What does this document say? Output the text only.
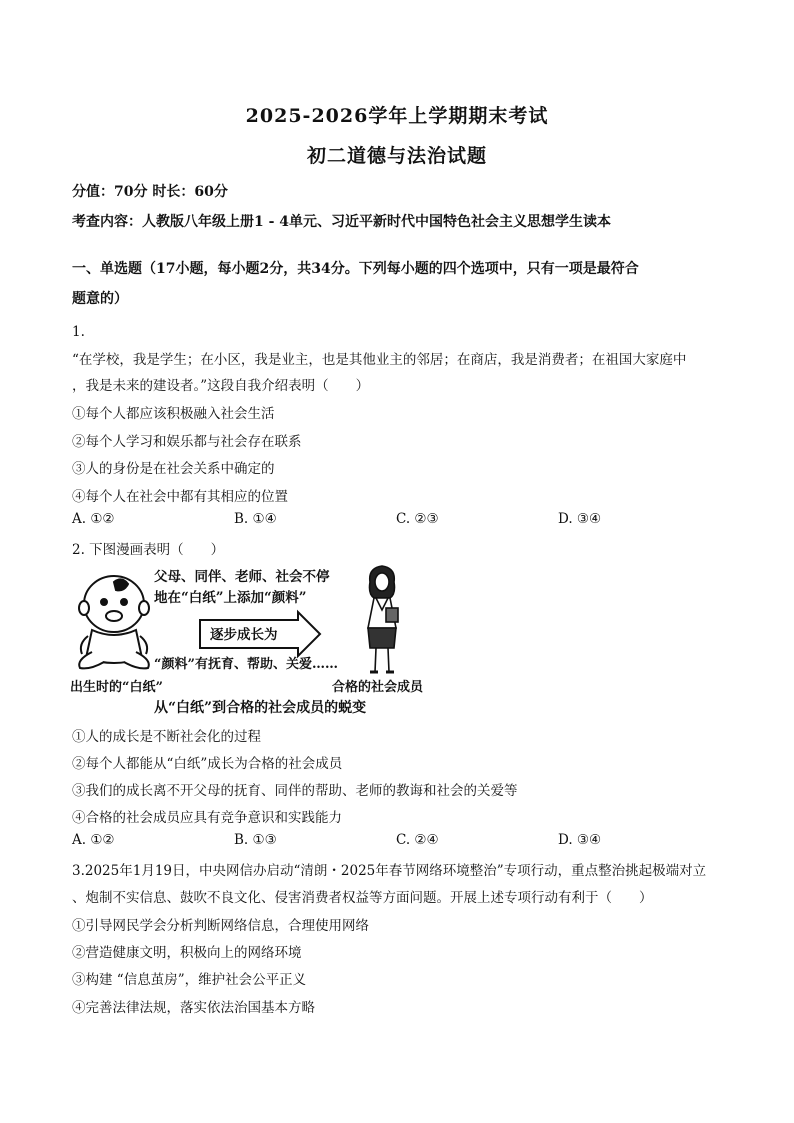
2025-2026学年上学期期末考试
初二道德与法治试题
分值：70分 时长：60分
考查内容：人教版八年级上册1 - 4单元、习近平新时代中国特色社会主义思想学生读本
一、单选题（17小题，每小题2分，共34分。下列每小题的四个选项中，只有一项是最符合
题意的）
1.
“在学校，我是学生；在小区，我是业主，也是其他业主的邻居；在商店，我是消费者；在祖国大家庭中
，我是未来的建设者。”这段自我介绍表明（　　）
①每个人都应该积极融入社会生活
②每个人学习和娱乐都与社会存在联系
③人的身份是在社会关系中确定的
④每个人在社会中都有其相应的位置
A. ①②	B. ①④	C. ②③	D. ③④
2. 下图漫画表明（　　）
父母、同伴、老师、社会不停
地在“白纸”上添加“颜料”
逐步成长为
“颜料”有抚育、帮助、关爱……
出生时的“白纸”	合格的社会成员
从“白纸”到合格的社会成员的蜕变
①人的成长是不断社会化的过程
②每个人都能从“白纸”成长为合格的社会成员
③我们的成长离不开父母的抚育、同伴的帮助、老师的教诲和社会的关爱等
④合格的社会成员应具有竞争意识和实践能力
A. ①②	B. ①③	C. ②④	D. ③④
3.2025年1月19日，中央网信办启动“清朗・2025年春节网络环境整治”专项行动，重点整治挑起极端对立
、炮制不实信息、鼓吹不良文化、侵害消费者权益等方面问题。开展上述专项行动有利于（　　）
①引导网民学会分析判断网络信息，合理使用网络
②营造健康文明，积极向上的网络环境
③构建 “信息茧房”，维护社会公平正义
④完善法律法规，落实依法治国基本方略
